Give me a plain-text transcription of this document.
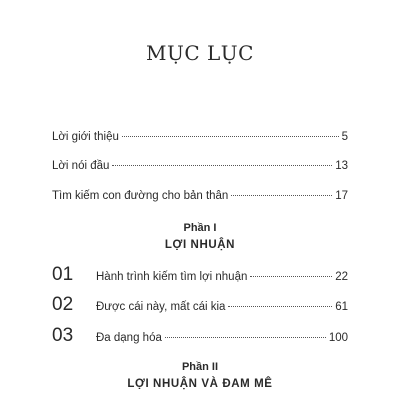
MỤC LỤC
Lời giới thiệu	5
Lời nói đầu	13
Tìm kiếm con đường cho bản thân	17
Phần I
LỢI NHUẬN
01	Hành trình kiếm tìm lợi nhuận	22
02	Được cái này, mất cái kia	61
03	Đa dạng hóa	100
Phần II
LỢI NHUẬN VÀ ĐAM MÊ
